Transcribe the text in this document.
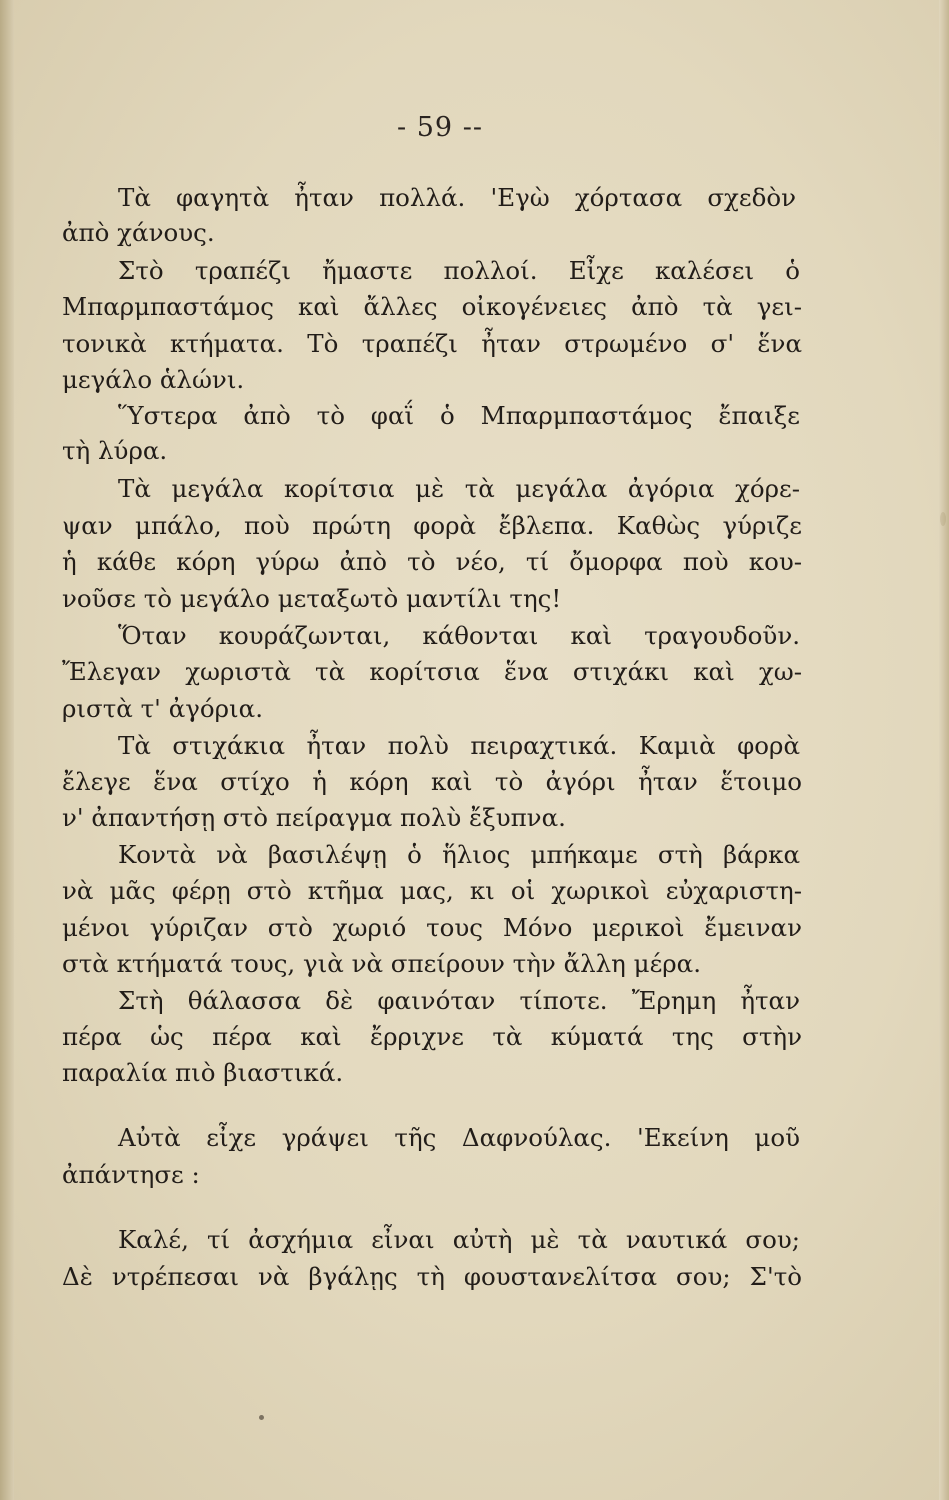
- 59 --
Τὰ φαγητὰ ἦταν πολλά. 'Εγὼ χόρτασα σχεδὸν
ἀπὸ χάνους.
Στὸ τραπέζι ἤμαστε πολλοί. Εἶχε καλέσει ὁ
Μπαρμπαστάμος καὶ ἄλλες οἰκογένειες ἀπὸ τὰ γει-
τονικὰ κτήματα. Τὸ τραπέζι ἦταν στρωμένο σ' ἕνα
μεγάλο ἁλώνι.
Ὕστερα ἀπὸ τὸ φαΐ ὁ Μπαρμπαστάμος ἔπαιξε
τὴ λύρα.
Τὰ μεγάλα κορίτσια μὲ τὰ μεγάλα ἀγόρια χόρε-
ψαν μπάλο, ποὺ πρώτη φορὰ ἔβλεπα. Καθὼς γύριζε
ἡ κάθε κόρη γύρω ἀπὸ τὸ νέο, τί ὄμορφα ποὺ κου-
νοῦσε τὸ μεγάλο μεταξωτὸ μαντίλι της!
Ὅταν κουράζωνται, κάθονται καὶ τραγουδοῦν.
Ἔλεγαν χωριστὰ τὰ κορίτσια ἕνα στιχάκι καὶ χω-
ριστὰ τ' ἀγόρια.
Τὰ στιχάκια ἦταν πολὺ πειραχτικά. Καμιὰ φορὰ
ἔλεγε ἕνα στίχο ἡ κόρη καὶ τὸ ἀγόρι ἦταν ἕτοιμο
ν' ἀπαντήσῃ στὸ πείραγμα πολὺ ἔξυπνα.
Κοντὰ νὰ βασιλέψῃ ὁ ἥλιος μπήκαμε στὴ βάρκα
νὰ μᾶς φέρῃ στὸ κτῆμα μας, κι οἱ χωρικοὶ εὐχαριστη-
μένοι γύριζαν στὸ χωριό τους Μόνο μερικοὶ ἔμειναν
στὰ κτήματά τους, γιὰ νὰ σπείρουν τὴν ἄλλη μέρα.
Στὴ θάλασσα δὲ φαινόταν τίποτε. Ἔρημη ἦταν
πέρα ὡς πέρα καὶ ἔρριχνε τὰ κύματά της στὴν
παραλία πιὸ βιαστικά.
Αὐτὰ εἶχε γράψει τῆς Δαφνούλας. 'Εκείνη μοῦ
ἀπάντησε :
Καλέ, τί ἀσχήμια εἶναι αὐτὴ μὲ τὰ ναυτικά σου;
Δὲ ντρέπεσαι νὰ βγάλῃς τὴ φουστανελίτσα σου; Σ'τὸ
